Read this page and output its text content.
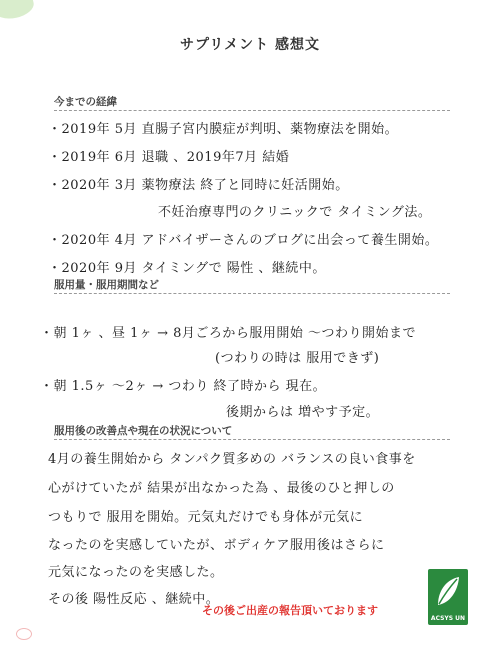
サプリメント 感想文
今までの経緯
・2019年 5月 直腸子宮内膜症が判明、薬物療法を開始。
・2019年 6月 退職 、2019年7月 結婚
・2020年 3月 薬物療法 終了と同時に妊活開始。
不妊治療専門のクリニックで タイミング法。
・2020年 4月 アドバイザーさんのブログに出会って養生開始。
・2020年 9月 タイミングで 陽性 、継続中。
服用量・服用期間など
・朝 1ヶ 、昼 1ヶ → 8月ごろから服用開始 ～つわり開始まで
(つわりの時は 服用できず)
・朝 1.5ヶ ～2ヶ → つわり 終了時から 現在。
後期からは 増やす予定。
服用後の改善点や現在の状況について
4月の養生開始から タンパク質多めの バランスの良い食事を
心がけていたが 結果が出なかった為 、最後のひと押しの
つもりで 服用を開始。元気丸だけでも身体が元気に
なったのを実感していたが、ボディケア服用後はさらに
元気になったのを実感した。
その後 陽性反応 、継続中。
その後ご出産の報告頂いております
ACSYS UN
